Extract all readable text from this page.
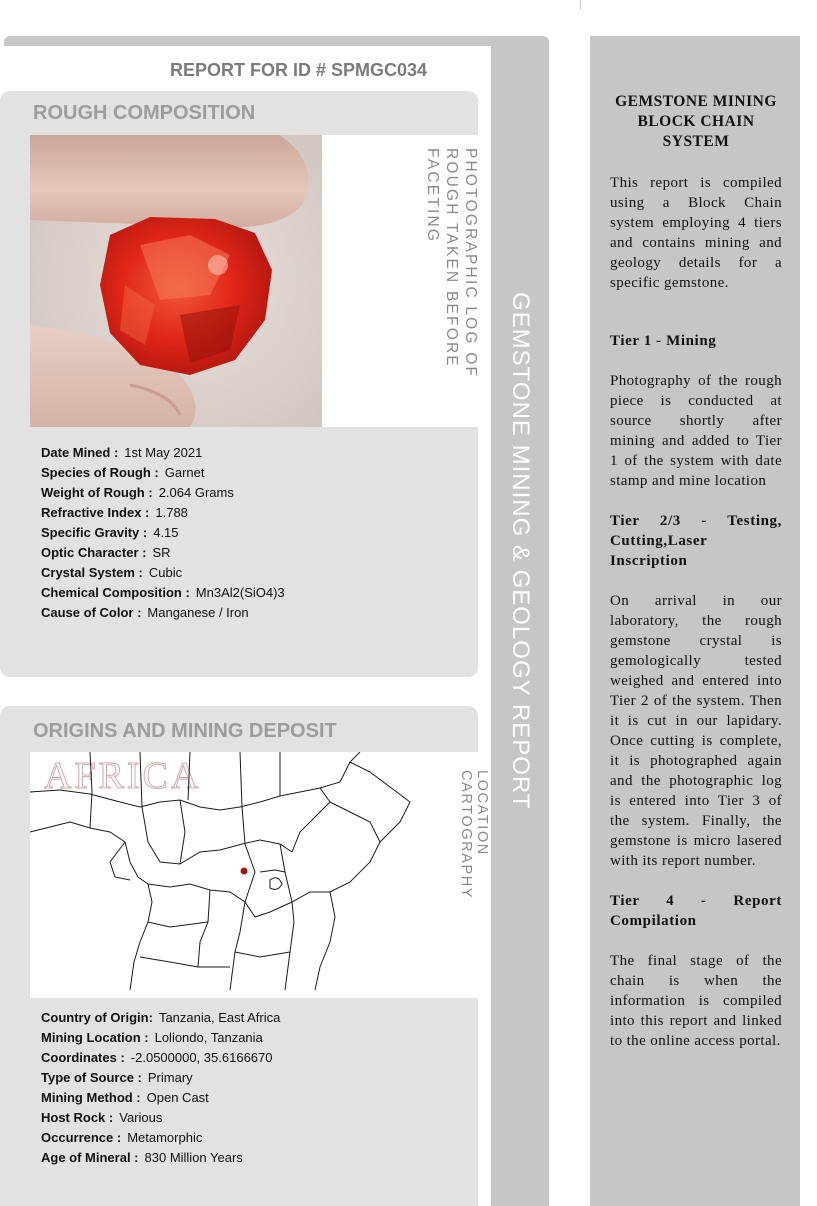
GEMSTONE MINING & GEOLOGY REPORT
REPORT FOR ID # SPMGC034
ROUGH COMPOSITION
PHOTOGRAPHIC LOG OF ROUGH TAKEN BEFORE FACETING
Date Mined : 1st May 2021
Species of Rough : Garnet
Weight of Rough : 2.064 Grams
Refractive Index : 1.788
Specific Gravity : 4.15
Optic Character : SR
Crystal System : Cubic
Chemical Composition : Mn3Al2(SiO4)3
Cause of Color : Manganese / Iron
ORIGINS AND MINING DEPOSIT
AFRICA	LOCATION CARTOGRAPHY
Country of Origin: Tanzania, East Africa
Mining Location : Loliondo, Tanzania
Coordinates : -2.0500000, 35.6166670
Type of Source : Primary
Mining Method : Open Cast
Host Rock : Various
Occurrence : Metamorphic
Age of Mineral : 830 Million Years
GEMSTONE MINING BLOCK CHAIN SYSTEM

This report is compiled using a Block Chain system employing 4 tiers and contains mining and geology details for a specific gemstone.

Tier 1 - Mining

Photography of the rough piece is conducted at source shortly after mining and added to Tier 1 of the system with date stamp and mine location

Tier 2/3 - Testing, Cutting,Laser Inscription

On arrival in our laboratory, the rough gemstone crystal is gemologically tested weighed and entered into Tier 2 of the system. Then it is cut in our lapidary. Once cutting is complete, it is photographed again and the photographic log is entered into Tier 3 of the system. Finally, the gemstone is micro lasered with its report number.

Tier 4 - Report Compilation

The final stage of the chain is when the information is compiled into this report and linked to the online access portal.
